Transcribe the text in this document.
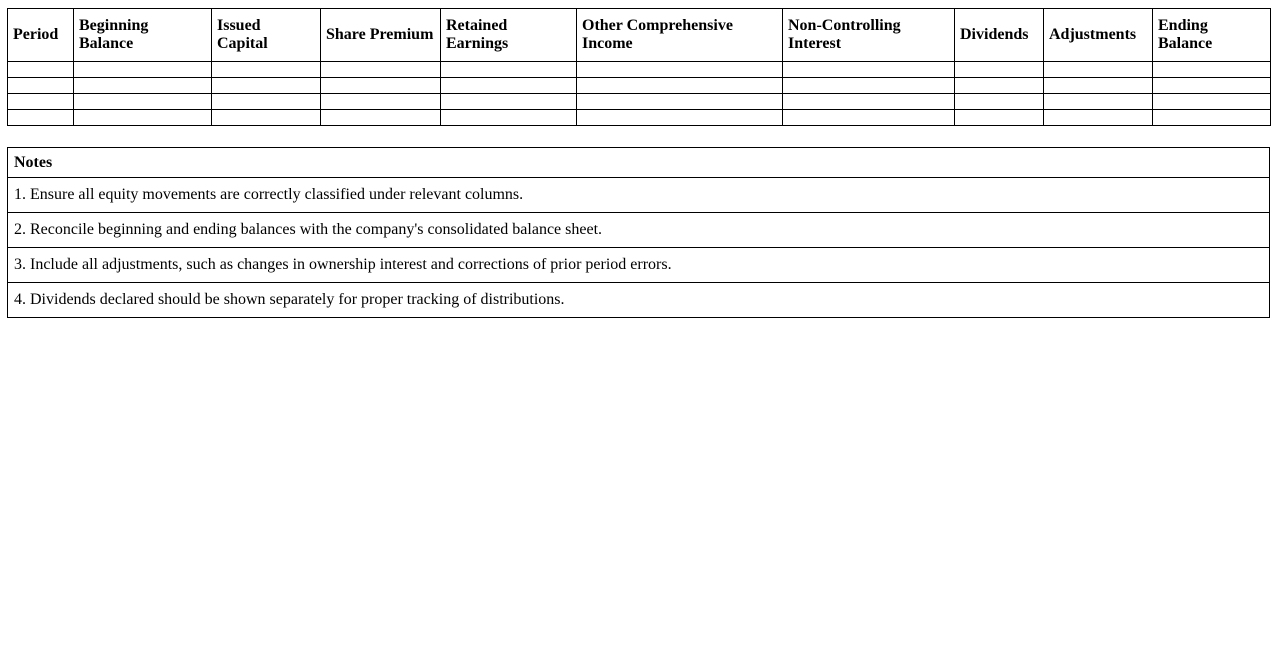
Period	Beginning Balance	Issued Capital	Share Premium	Retained Earnings	Other Comprehensive Income	Non-Controlling Interest	Dividends	Adjustments	Ending Balance

Notes
1. Ensure all equity movements are correctly classified under relevant columns.
2. Reconcile beginning and ending balances with the company's consolidated balance sheet.
3. Include all adjustments, such as changes in ownership interest and corrections of prior period errors.
4. Dividends declared should be shown separately for proper tracking of distributions.
